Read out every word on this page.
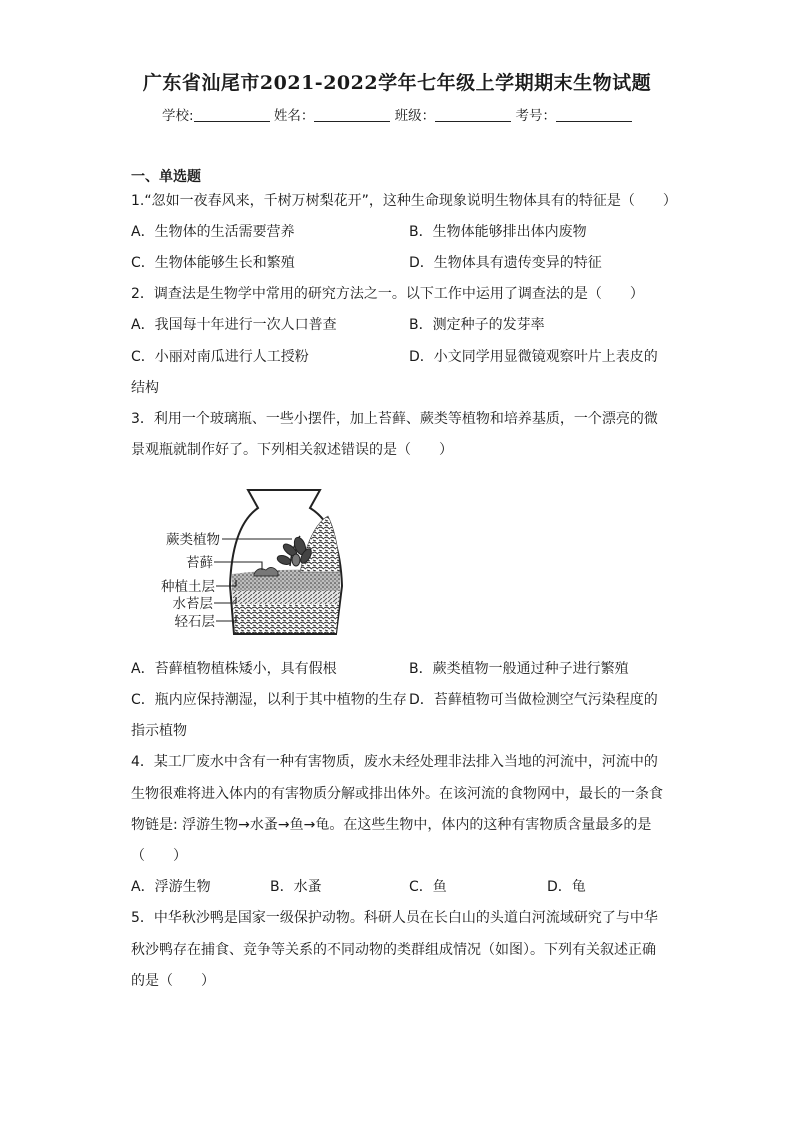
广东省汕尾市2021-2022学年七年级上学期期末生物试题
学校:	姓名：	班级：	考号：
一、单选题
1.“忽如一夜春风来，千树万树梨花开”，这种生命现象说明生物体具有的特征是（　　）
A．生物体的生活需要营养	B．生物体能够排出体内废物
C．生物体能够生长和繁殖	D．生物体具有遗传变异的特征
2．调查法是生物学中常用的研究方法之一。以下工作中运用了调查法的是（　　）
A．我国每十年进行一次人口普查	B．测定种子的发芽率
C．小丽对南瓜进行人工授粉	D．小文同学用显微镜观察叶片上表皮的
结构
3．利用一个玻璃瓶、一些小摆件，加上苔藓、蕨类等植物和培养基质，一个漂亮的微
景观瓶就制作好了。下列相关叙述错误的是（　　）
蕨类植物
苔藓
种植土层
水苔层
轻石层
A．苔藓植物植株矮小，具有假根	B．蕨类植物一般通过种子进行繁殖
C．瓶内应保持潮湿，以利于其中植物的生存 D．苔藓植物可当做检测空气污染程度的
指示植物
4．某工厂废水中含有一种有害物质，废水未经处理非法排入当地的河流中，河流中的
生物很难将进入体内的有害物质分解或排出体外。在该河流的食物网中，最长的一条食
物链是: 浮游生物→水蚤→鱼→龟。在这些生物中，体内的这种有害物质含量最多的是
（　　）
A．浮游生物	B．水蚤	C．鱼	D．龟
5．中华秋沙鸭是国家一级保护动物。科研人员在长白山的头道白河流域研究了与中华
秋沙鸭存在捕食、竞争等关系的不同动物的类群组成情况（如图）。下列有关叙述正确
的是（　　）
